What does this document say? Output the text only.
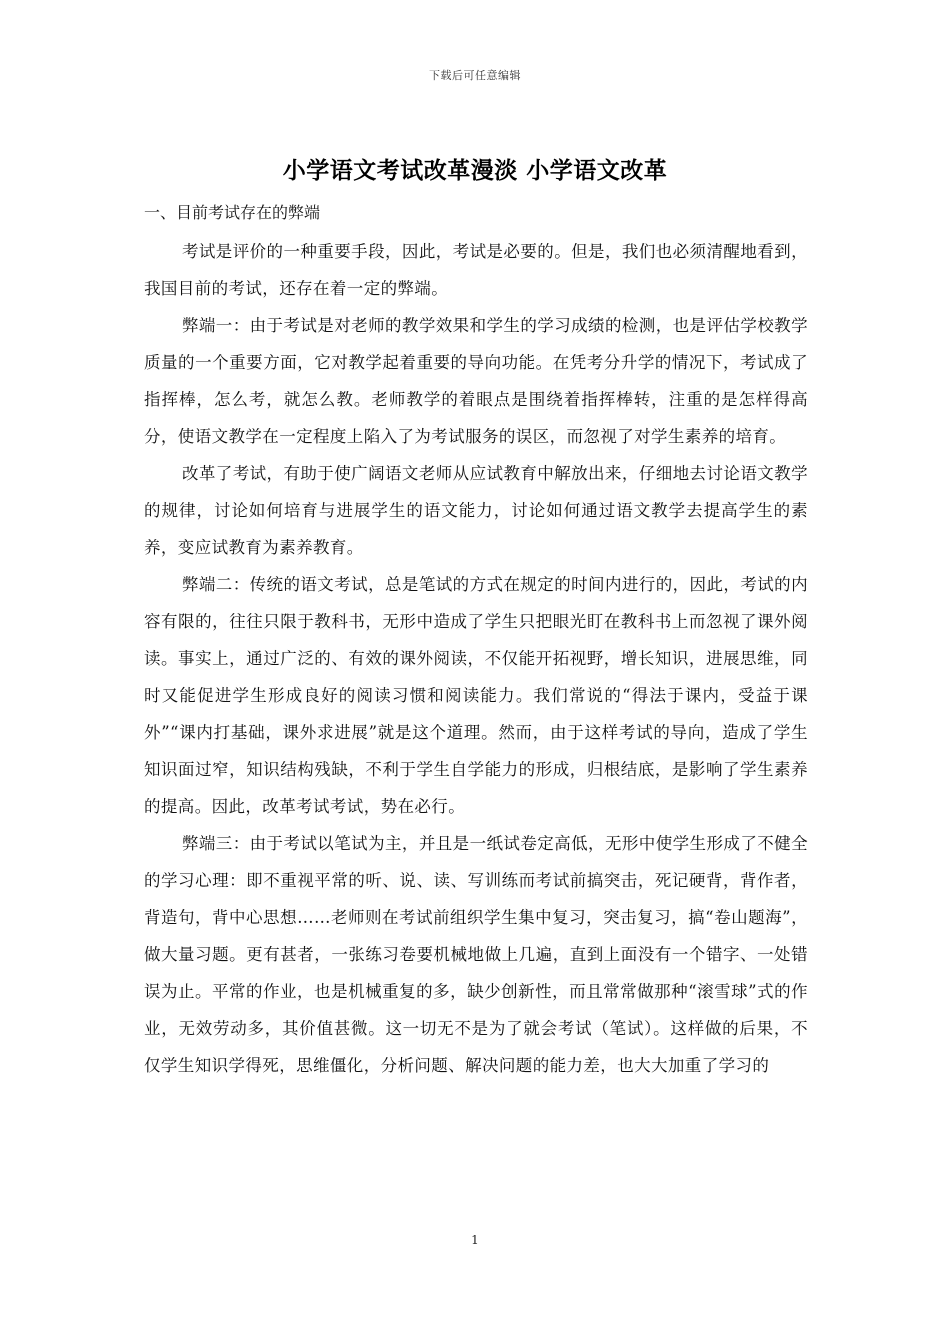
下载后可任意编辑
小学语文考试改革漫淡 小学语文改革
一、目前考试存在的弊端

考试是评价的一种重要手段，因此，考试是必要的。但是，我们也必须清醒地看到，我国目前的考试，还存在着一定的弊端。

弊端一：由于考试是对老师的教学效果和学生的学习成绩的检测，也是评估学校教学质量的一个重要方面，它对教学起着重要的导向功能。在凭考分升学的情况下，考试成了指挥棒，怎么考，就怎么教。老师教学的着眼点是围绕着指挥棒转，注重的是怎样得高分，使语文教学在一定程度上陷入了为考试服务的误区，而忽视了对学生素养的培育。

改革了考试，有助于使广阔语文老师从应试教育中解放出来，仔细地去讨论语文教学的规律，讨论如何培育与进展学生的语文能力，讨论如何通过语文教学去提高学生的素养，变应试教育为素养教育。

弊端二：传统的语文考试，总是笔试的方式在规定的时间内进行的，因此，考试的内容有限的，往往只限于教科书，无形中造成了学生只把眼光盯在教科书上而忽视了课外阅读。事实上，通过广泛的、有效的课外阅读，不仅能开拓视野，增长知识，进展思维，同时又能促进学生形成良好的阅读习惯和阅读能力。我们常说的“得法于课内，受益于课外”“课内打基础，课外求进展”就是这个道理。然而，由于这样考试的导向，造成了学生知识面过窄，知识结构残缺，不利于学生自学能力的形成，归根结底，是影响了学生素养的提高。因此，改革考试考试，势在必行。

弊端三：由于考试以笔试为主，并且是一纸试卷定高低，无形中使学生形成了不健全的学习心理：即不重视平常的听、说、读、写训练而考试前搞突击，死记硬背，背作者，背造句，背中心思想……老师则在考试前组织学生集中复习，突击复习，搞“卷山题海”，做大量习题。更有甚者，一张练习卷要机械地做上几遍，直到上面没有一个错字、一处错误为止。平常的作业，也是机械重复的多，缺少创新性，而且常常做那种“滚雪球”式的作业，无效劳动多，其价值甚微。这一切无不是为了就会考试（笔试）。这样做的后果，不仅学生知识学得死，思维僵化，分析问题、解决问题的能力差，也大大加重了学习的

1
